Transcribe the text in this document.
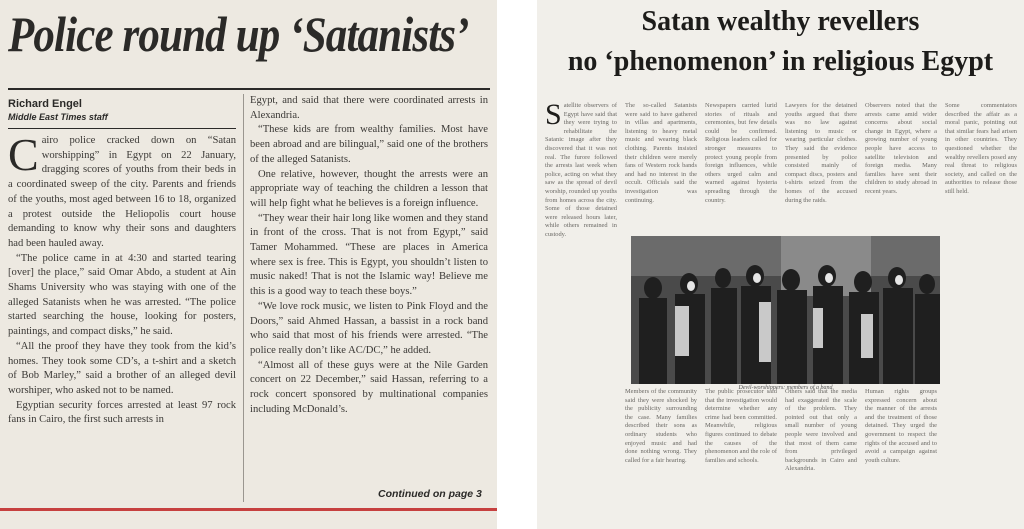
Police round up ‘Satanists’
Richard Engel
Middle East Times staff

Cairo police cracked down on “Satan worshipping” in Egypt on 22 January, dragging scores of youths from their beds in a coordinated sweep of the city. Parents and friends of the youths, most aged between 16 to 18, organized a protest outside the Heliopolis court house demanding to know why their sons and daughters had been hauled away.

“The police came in at 4:30 and started tearing [over] the place,” said Omar Abdo, a student at Ain Shams University who was staying with one of the alleged Satanists when he was arrested. “The police started searching the house, looking for posters, paintings, and compact disks,” he said.

“All the proof they have they took from the kid’s homes. They took some CD’s, a t-shirt and a sketch of Bob Marley,” said a brother of an alleged devil worshiper, who asked not to be named.

Egyptian security forces arrested at least 97 rock fans in Cairo, the first such arrests in

Egypt, and said that there were coordinated arrests in Alexandria.

“These kids are from wealthy families. Most have been abroad and are bilingual,” said one of the brothers of the alleged Satanists.

One relative, however, thought the arrests were an appropriate way of teaching the children a lesson that will help fight what he believes is a foreign influence.

“They wear their hair long like women and they stand in front of the cross. That is not from Egypt,” said Tamer Mohammed. “These are places in America where sex is free. This is Egypt, you shouldn’t listen to music naked! That is not the Islamic way! Believe me this is a good way to teach these boys.”

“We love rock music, we listen to Pink Floyd and the Doors,” said Ahmed Hassan, a bassist in a rock band who said that most of his friends were arrested. “The police really don’t like AC/DC,” he added.

“Almost all of these guys were at the Nile Garden concert on 22 December,” said Hassan, referring to a rock concert sponsored by multinational companies including McDonald’s.

Continued on page 3
Satan wealthy revellers
no ‘phenomenon’ in religious Egypt
Satellite observers of Egypt have said that they were trying to rehabilitate the Satanic image after they discovered that it was not real. The furore followed the arrests last week when police, acting on what they saw as the spread of devil worship, rounded up youths from homes across the city. Some of those detained were released hours later, while others remained in custody.
The so-called Satanists were said to have gathered in villas and apartments, listening to heavy metal music and wearing black clothing. Parents insisted their children were merely fans of Western rock bands and had no interest in the occult. Officials said the investigation was continuing.
Newspapers carried lurid stories of rituals and ceremonies, but few details could be confirmed. Religious leaders called for stronger measures to protect young people from foreign influences, while others urged calm and warned against hysteria spreading through the country.
Lawyers for the detained youths argued that there was no law against listening to music or wearing particular clothes. They said the evidence presented by police consisted mainly of compact discs, posters and t-shirts seized from the homes of the accused during the raids.
Observers noted that the arrests came amid wider concerns about social change in Egypt, where a growing number of young people have access to satellite television and foreign media. Many families have sent their children to study abroad in recent years.
Some commentators described the affair as a moral panic, pointing out that similar fears had arisen in other countries. They questioned whether the wealthy revellers posed any real threat to religious society, and called on the authorities to release those still held.
Devil-worshippers: members of a band
Members of the community said they were shocked by the publicity surrounding the case. Many families described their sons as ordinary students who enjoyed music and had done nothing wrong. They called for a fair hearing.
The public prosecutor said that the investigation would determine whether any crime had been committed. Meanwhile, religious figures continued to debate the causes of the phenomenon and the role of families and schools.
Others said that the media had exaggerated the scale of the problem. They pointed out that only a small number of young people were involved and that most of them came from privileged backgrounds in Cairo and Alexandria.
Human rights groups expressed concern about the manner of the arrests and the treatment of those detained. They urged the government to respect the rights of the accused and to avoid a campaign against youth culture.
